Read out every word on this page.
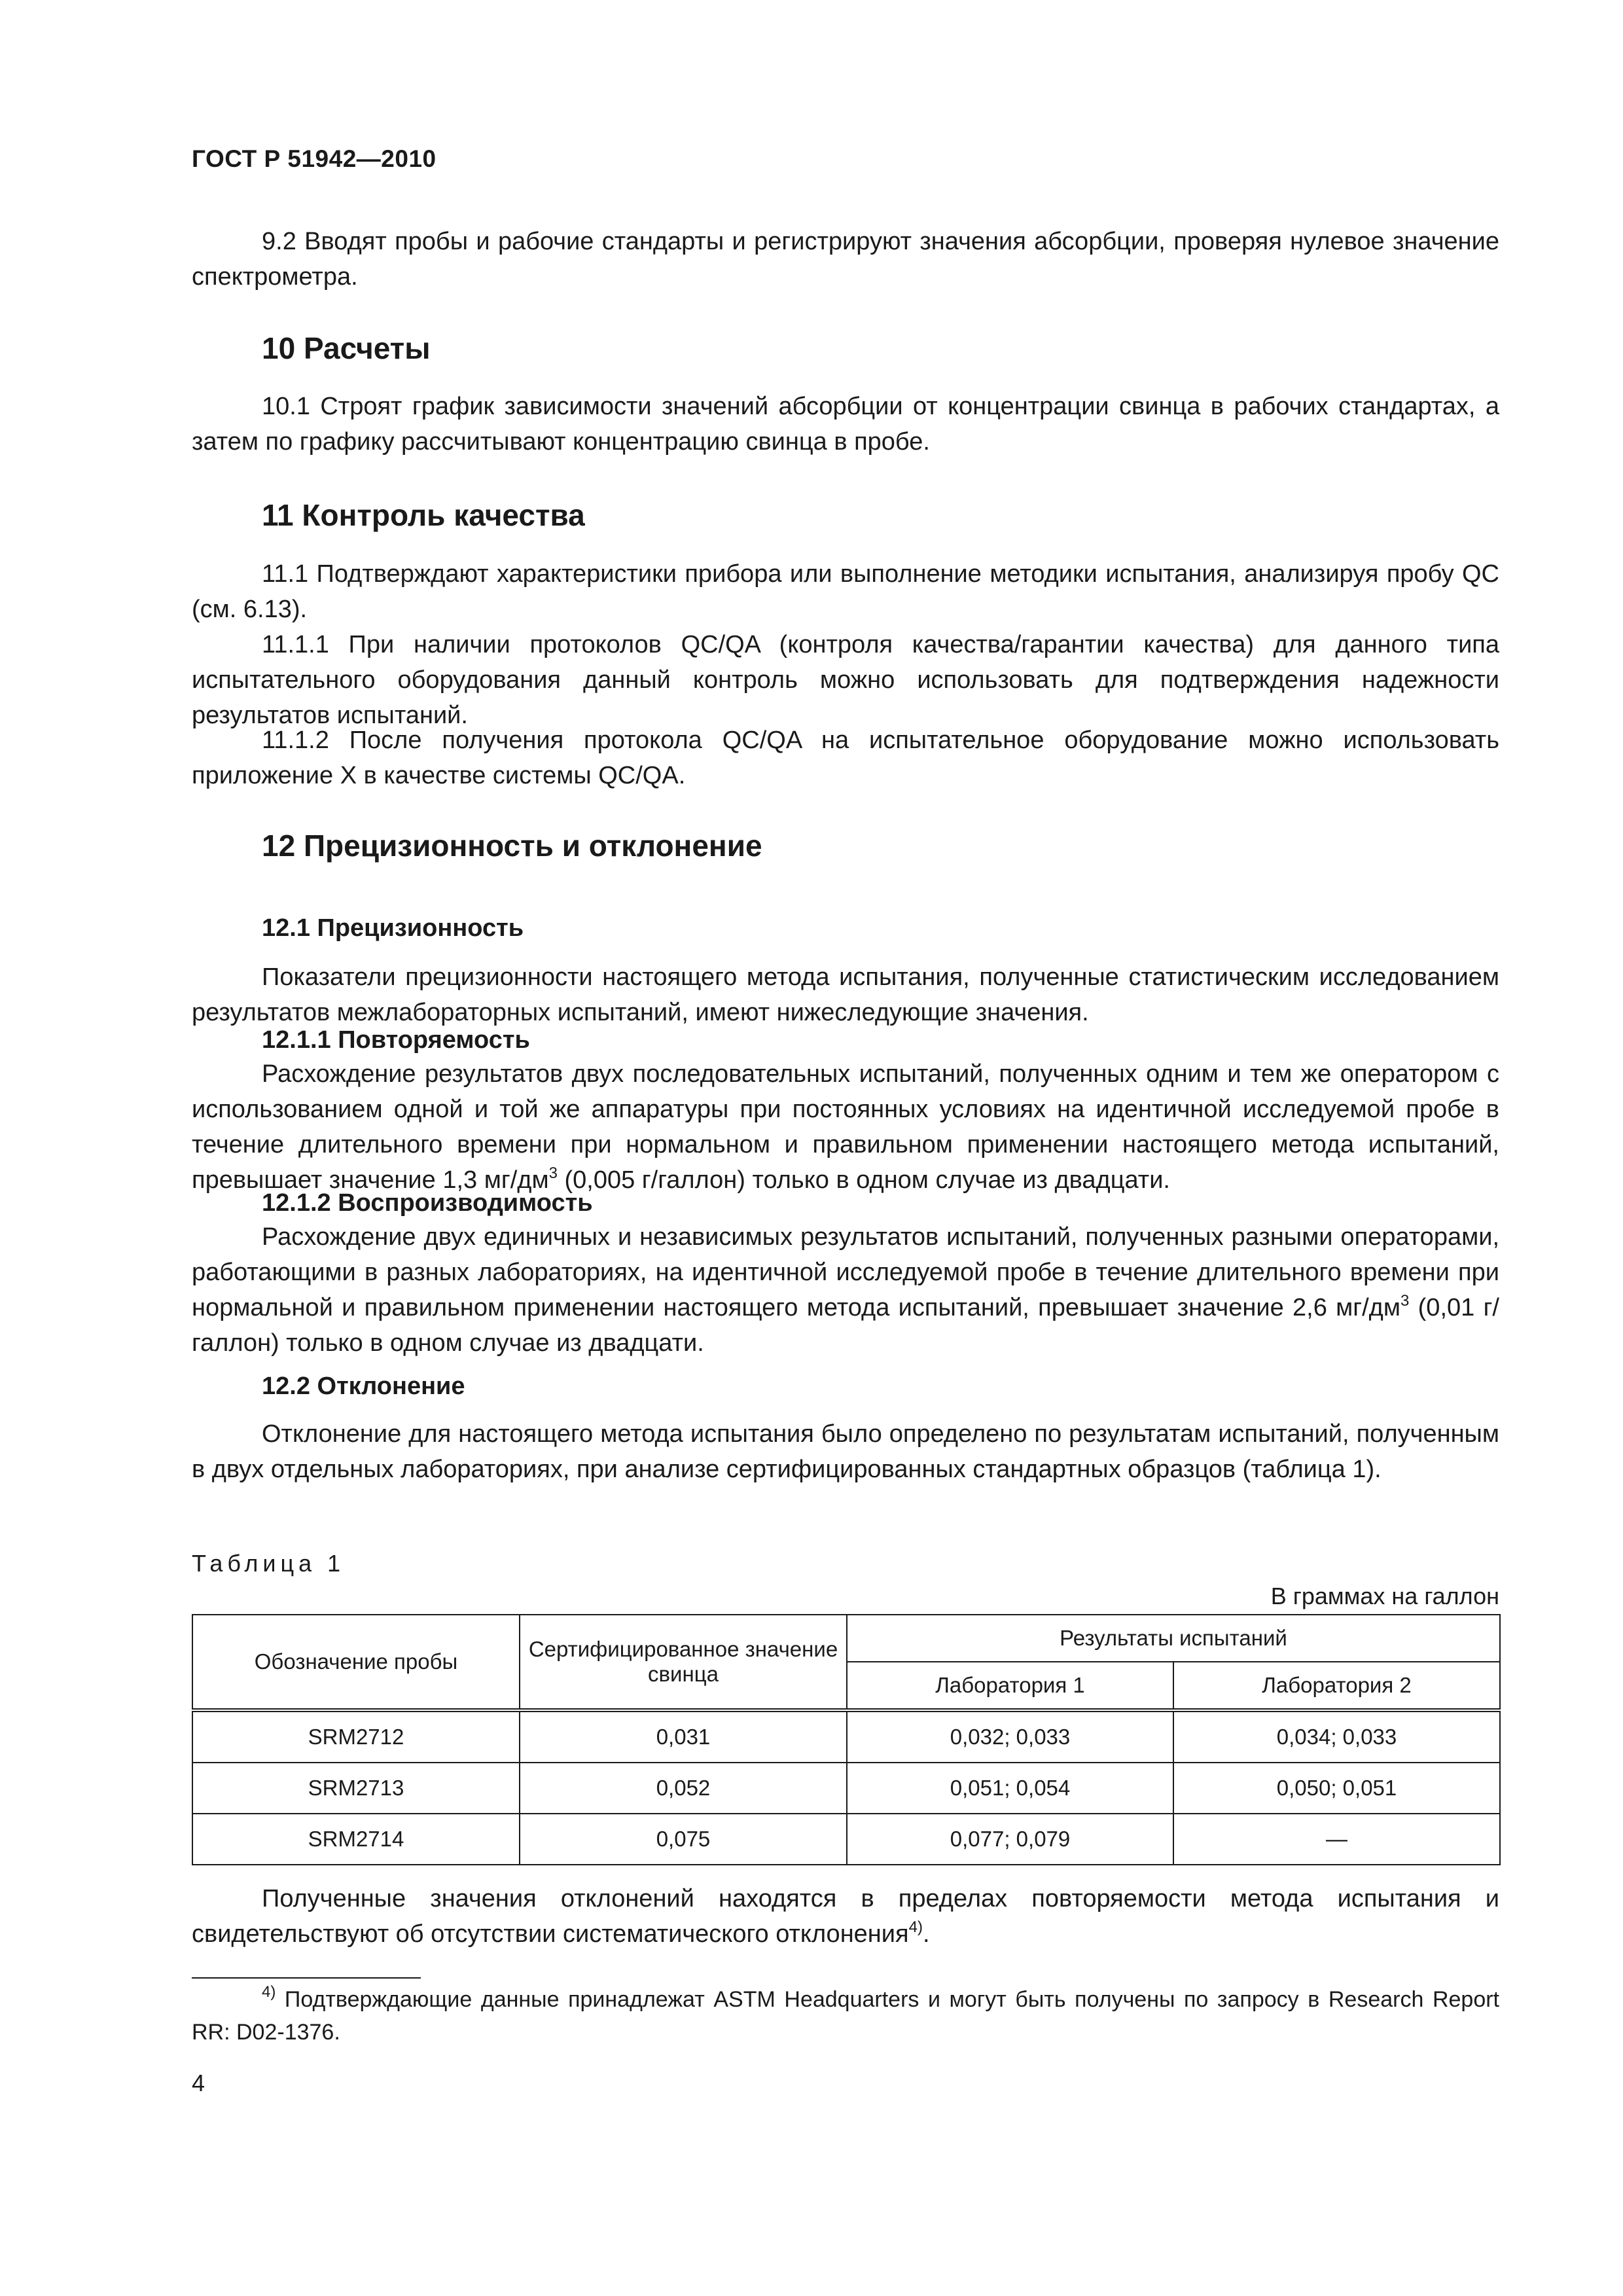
ГОСТ Р 51942—2010

9.2 Вводят пробы и рабочие стандарты и регистрируют значения абсорбции, проверяя нулевое значение спектрометра.

10 Расчеты

10.1 Строят график зависимости значений абсорбции от концентрации свинца в рабочих стандартах, а затем по графику рассчитывают концентрацию свинца в пробе.

11 Контроль качества

11.1 Подтверждают характеристики прибора или выполнение методики испытания, анализируя пробу QC (см. 6.13).

11.1.1 При наличии протоколов QC/QA (контроля качества/гарантии качества) для данного типа испытательного оборудования данный контроль можно использовать для подтверждения надежности результатов испытаний.

11.1.2 После получения протокола QC/QA на испытательное оборудование можно использовать приложение X в качестве системы QC/QA.

12 Прецизионность и отклонение
12.1 Прецизионность

Показатели прецизионности настоящего метода испытания, полученные статистическим исследованием результатов межлабораторных испытаний, имеют нижеследующие значения.

12.1.1 Повторяемость

Расхождение результатов двух последовательных испытаний, полученных одним и тем же оператором с использованием одной и той же аппаратуры при постоянных условиях на идентичной исследуемой пробе в течение длительного времени при нормальном и правильном применении настоящего метода испытаний, превышает значение 1,3 $мг/дм^3$ (0,005 г/галлон) только в одном случае из двадцати.

12.1.2 Воспроизводимость

Расхождение двух единичных и независимых результатов испытаний, полученных разными операторами, работающими в разных лабораториях, на идентичной исследуемой пробе в течение длительного времени при нормальной и правильном применении настоящего метода испытаний, превышает значение 2,6 $мг/дм^3$ (0,01 г/галлон) только в одном случае из двадцати.

12.2 Отклонение

Отклонение для настоящего метода испытания было определено по результатам испытаний, полученным в двух отдельных лабораториях, при анализе сертифицированных стандартных образцов (таблица 1).

Таблица 1
В граммах на галлон
Обозначение пробы	Сертифицированное значение свинца	Результаты испытаний	
		Лаборатория 1	Лаборатория 2
SRM2712	0,031	0,032; 0,033	0,034; 0,033
SRM2713	0,052	0,051; 0,054	0,050; 0,051
SRM2714	0,075	0,077; 0,079	—

Полученные значения отклонений находятся в пределах повторяемости метода испытания и свидетельствуют об отсутствии систематического отклонения$^{4)}$.

$^{4)}$ Подтверждающие данные принадлежат ASTM Headquarters и могут быть получены по запросу в Research Report RR: D02-1376.
4
